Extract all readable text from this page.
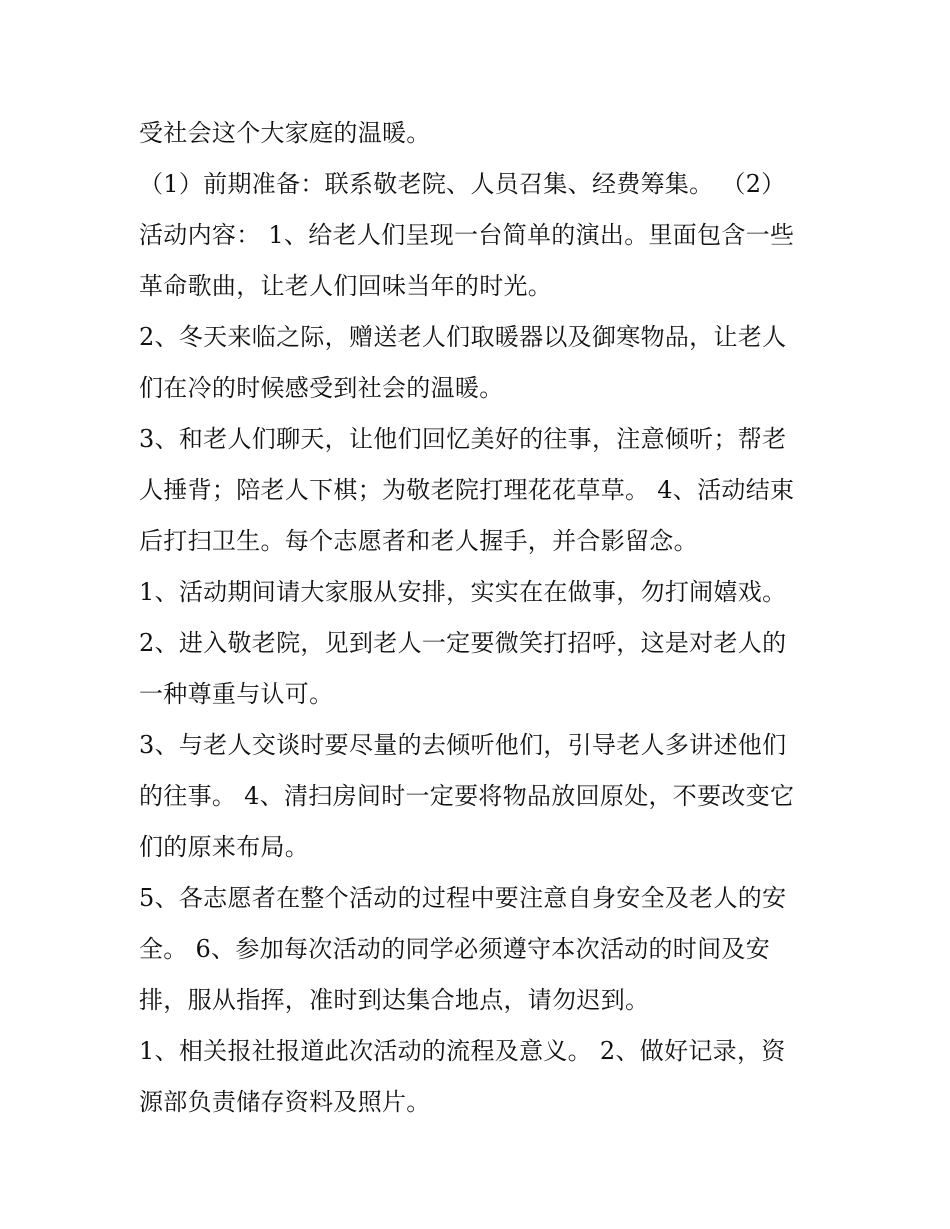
受社会这个大家庭的温暖。
（1）前期准备：联系敬老院、人员召集、经费筹集。 （2）
活动内容： 1、给老人们呈现一台简单的演出。里面包含一些
革命歌曲，让老人们回味当年的时光。
2、冬天来临之际，赠送老人们取暖器以及御寒物品，让老人
们在冷的时候感受到社会的温暖。
3、和老人们聊天，让他们回忆美好的往事，注意倾听；帮老
人捶背；陪老人下棋；为敬老院打理花花草草。 4、活动结束
后打扫卫生。每个志愿者和老人握手，并合影留念。
1、活动期间请大家服从安排，实实在在做事，勿打闹嬉戏。
2、进入敬老院，见到老人一定要微笑打招呼，这是对老人的
一种尊重与认可。
3、与老人交谈时要尽量的去倾听他们，引导老人多讲述他们
的往事。 4、清扫房间时一定要将物品放回原处，不要改变它
们的原来布局。
5、各志愿者在整个活动的过程中要注意自身安全及老人的安
全。 6、参加每次活动的同学必须遵守本次活动的时间及安
排，服从指挥，准时到达集合地点，请勿迟到。
1、相关报社报道此次活动的流程及意义。 2、做好记录，资
源部负责储存资料及照片。
